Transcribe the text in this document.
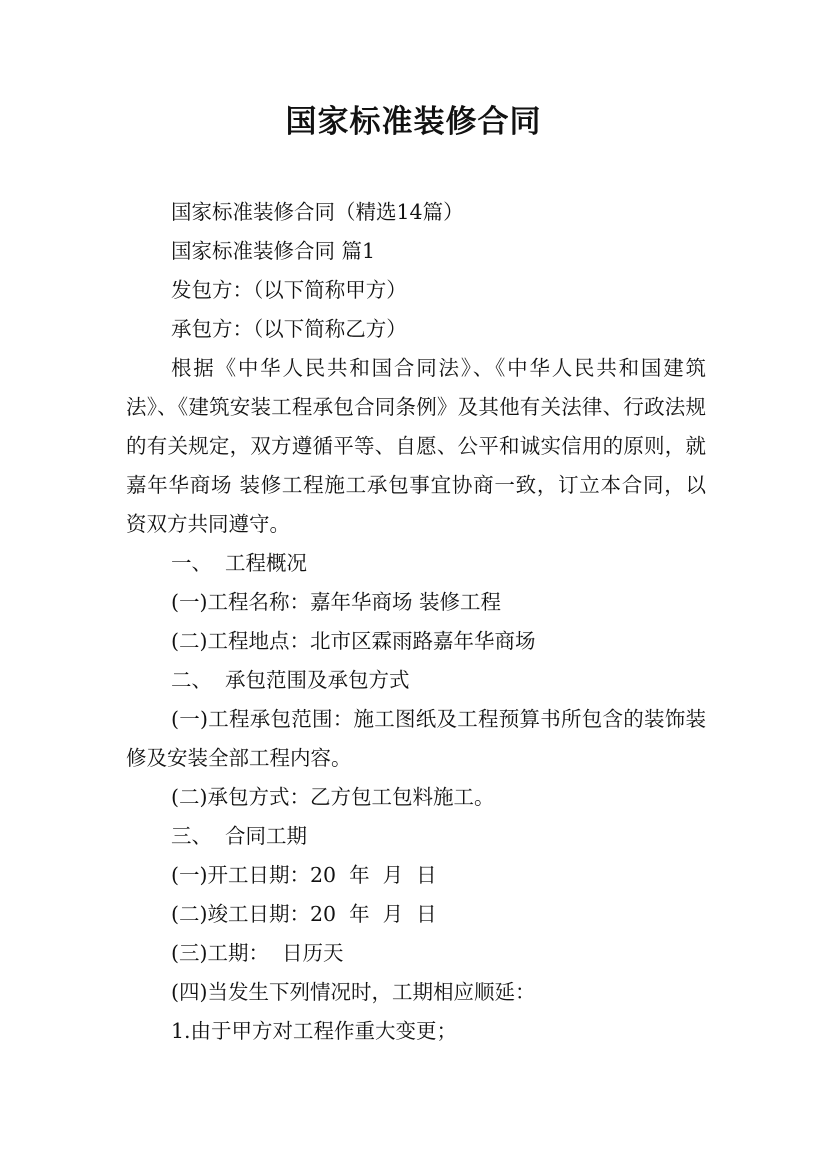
国家标准装修合同

国家标准装修合同（精选14篇）

国家标准装修合同 篇1

发包方：（以下简称甲方）

承包方：（以下简称乙方）

根据《中华人民共和国合同法》、《中华人民共和国建筑法》、《建筑安装工程承包合同条例》及其他有关法律、行政法规的有关规定，双方遵循平等、自愿、公平和诚实信用的原则，就嘉年华商场 装修工程施工承包事宜协商一致，订立本合同，以资双方共同遵守。

一、  工程概况

(一)工程名称：嘉年华商场 装修工程

(二)工程地点：北市区霖雨路嘉年华商场

二、  承包范围及承包方式

(一)工程承包范围：施工图纸及工程预算书所包含的装饰装修及安装全部工程内容。

(二)承包方式：乙方包工包料施工。

三、  合同工期

(一)开工日期：20  年  月  日

(二)竣工日期：20  年  月  日

(三)工期：  日历天

(四)当发生下列情况时，工期相应顺延：

1.由于甲方对工程作重大变更；
